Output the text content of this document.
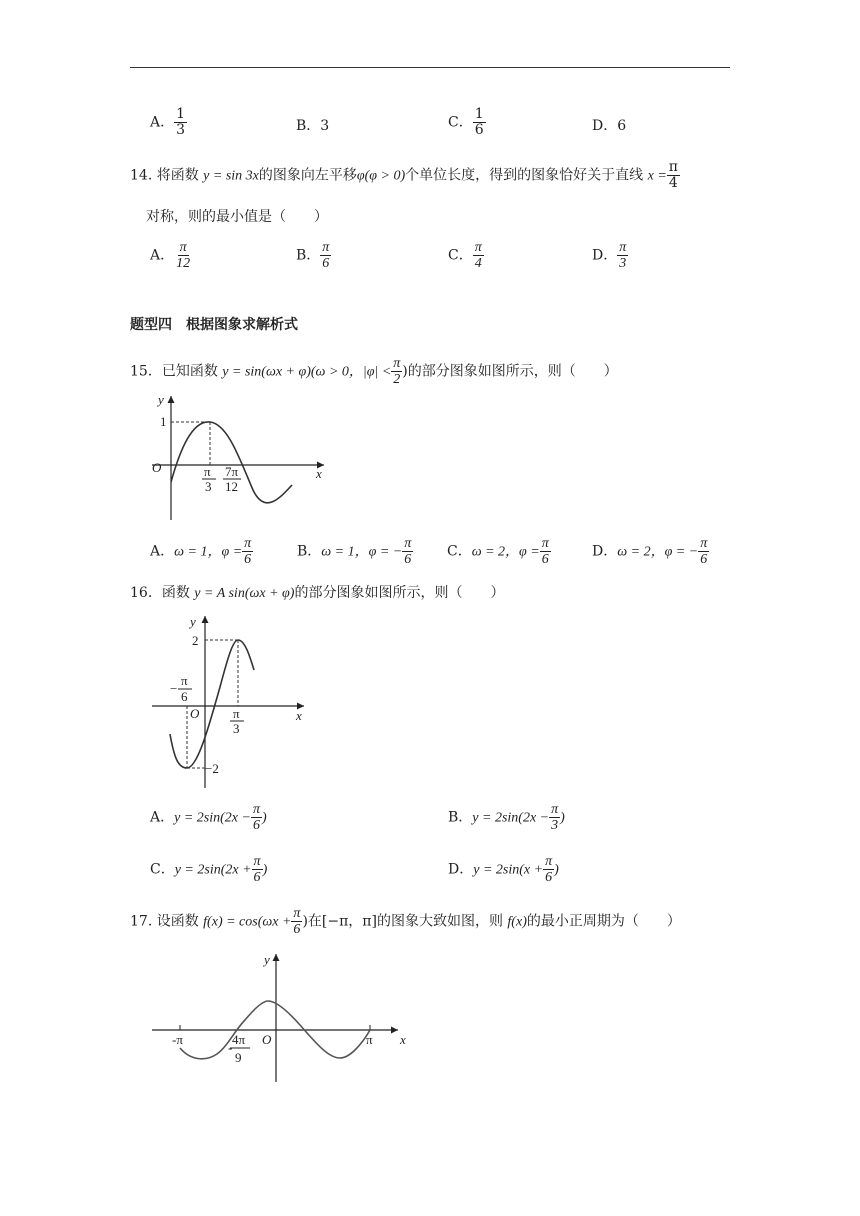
A． $\frac{1}{3}$	B．3	C． $\frac{1}{6}$	D．6
14. 将函数 y = sin 3x的图象向左平移φ(φ > 0)个单位长度，得到的图象恰好关于直线 $x = \frac{\pi}{4}$
对称，则的最小值是（　　）
A． $\frac{\pi}{12}$	B． $\frac{\pi}{6}$	C． $\frac{\pi}{4}$	D． $\frac{\pi}{3}$
题型四　根据图象求解析式
15．已知函数 y = sin(ωx + φ)(ω > 0，$|\varphi| < \frac{\pi}{2}$ )的部分图象如图所示，则（　　）
y
1
O	x
π
3
7π
12
A．ω = 1，$\varphi = \frac{\pi}{6}$	B．ω = 1，φ = − $\frac{\pi}{6}$ C．ω = 2，$\varphi = \frac{\pi}{6}$	D．ω = 2，φ = − $\frac{\pi}{6}$
16．函数 y = A sin(ωx + φ)的部分图象如图所示，则（　　）
y
2
−2
O	x
−
π
6
π
3
A．$y = 2\sin(2x - \frac{\pi}{6}$ )	B．$y = 2\sin(2x - \frac{\pi}{3}$ )
C．$y = 2\sin(2x + \frac{\pi}{6}$ )	D．$y = 2\sin(x + \frac{\pi}{6}$ )
17. 设函数 $f(x) = \cos(\omega x + \frac{\pi}{6}$ )在[−π，π]的图象大致如图，则 f(x)的最小正周期为（　　）
-π	π
O	x
y
4π
9
-
